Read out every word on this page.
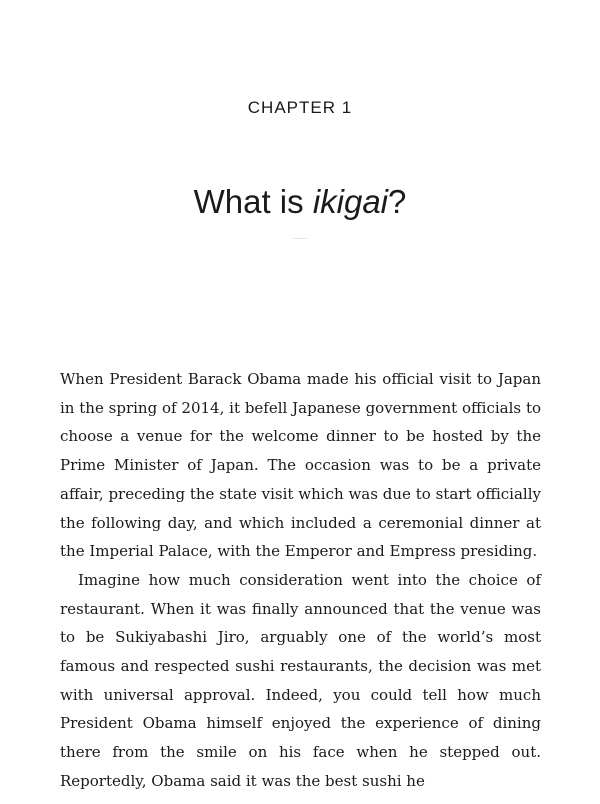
CHAPTER 1
What is ikigai?

When President Barack Obama made his official visit to Japan in the spring of 2014, it befell Japanese government officials to choose a venue for the welcome dinner to be hosted by the Prime Minister of Japan. The occasion was to be a private affair, preceding the state visit which was due to start officially the following day, and which included a ceremonial dinner at the Imperial Palace, with the Emperor and Empress presiding.

Imagine how much consideration went into the choice of restaurant. When it was finally announced that the venue was to be Sukiyabashi Jiro, arguably one of the world’s most famous and respected sushi restaurants, the decision was met with universal approval. Indeed, you could tell how much President Obama himself enjoyed the experience of dining there from the smile on his face when he stepped out. Reportedly, Obama said it was the best sushi he
